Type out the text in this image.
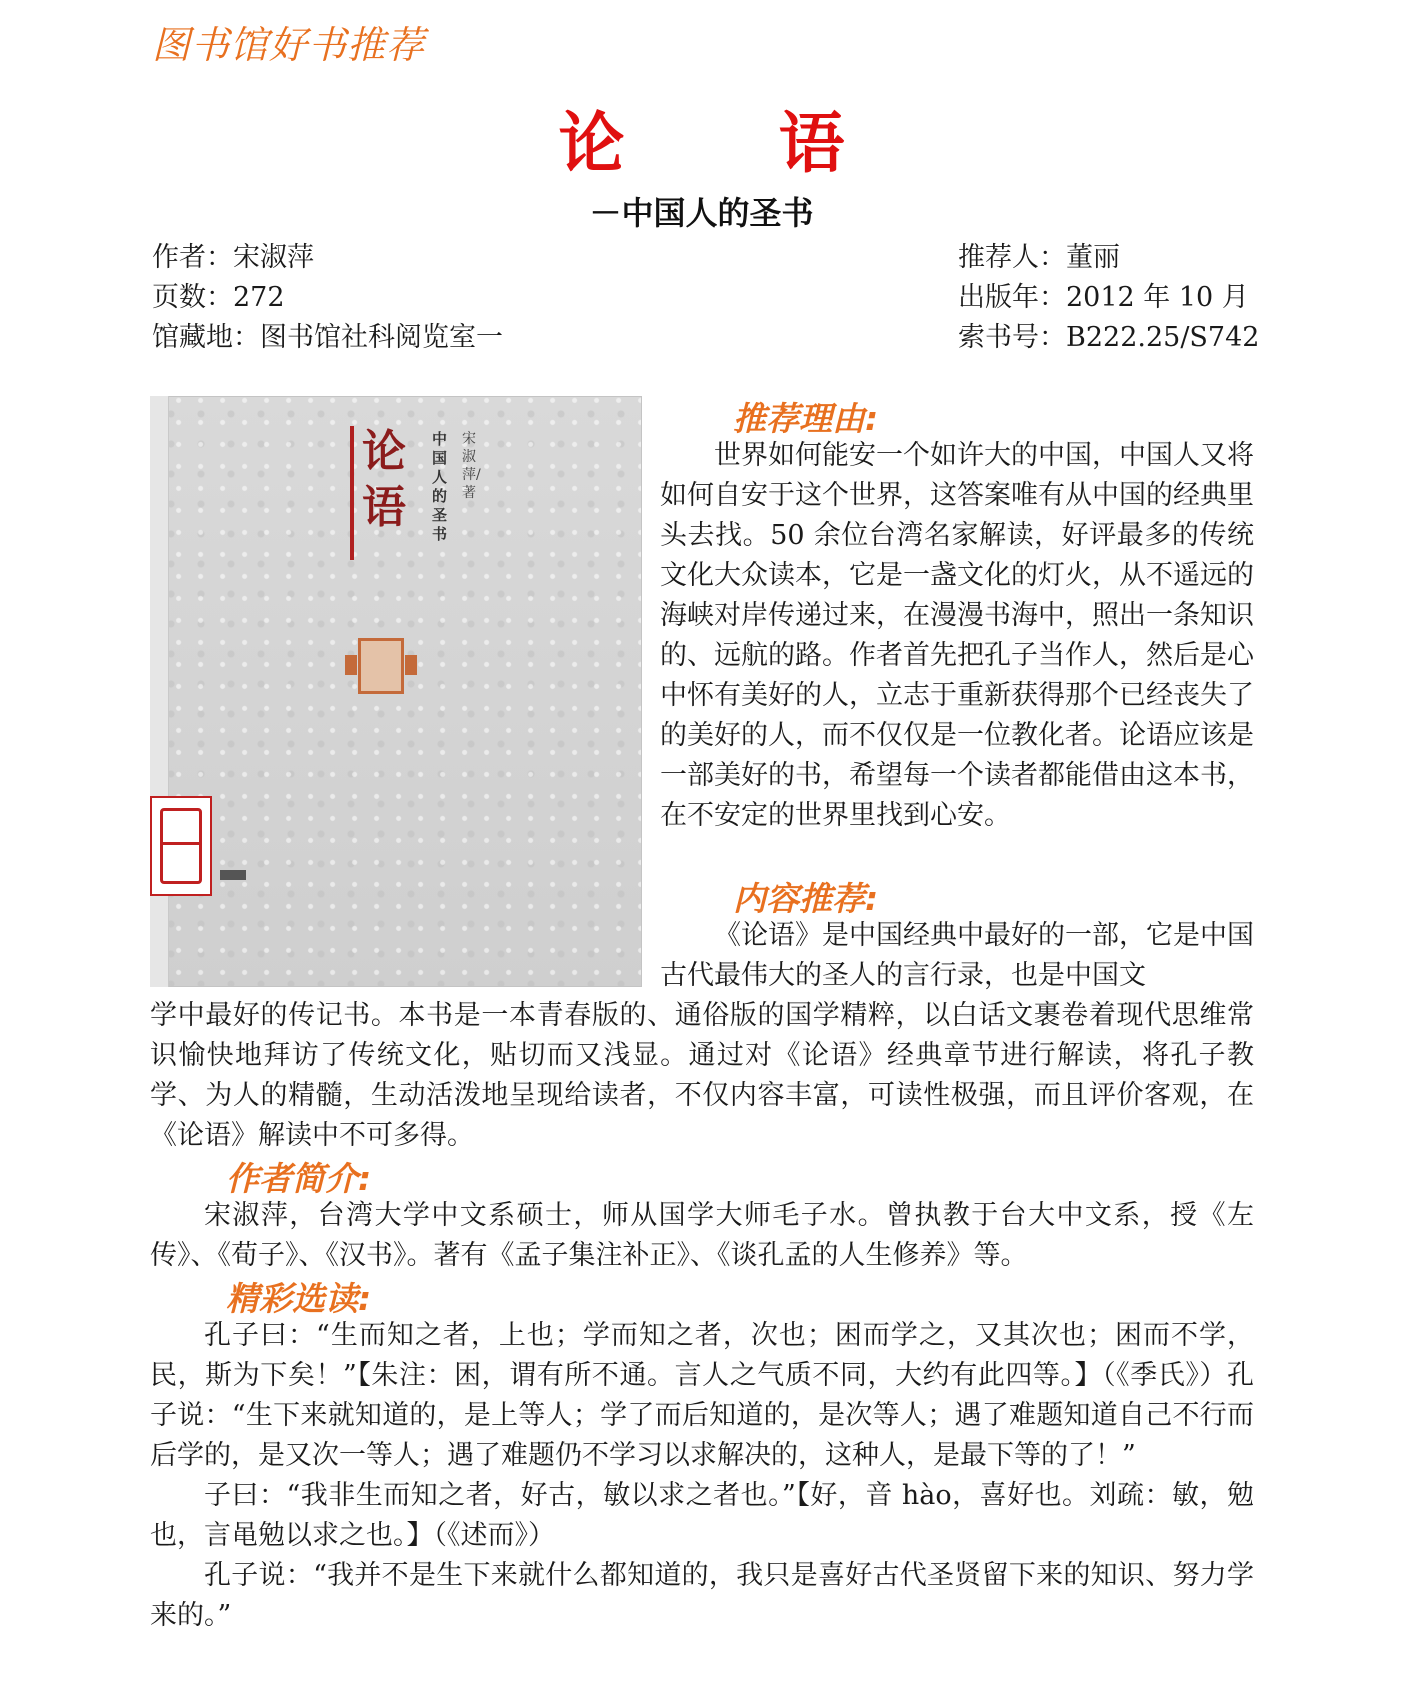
图书馆好书推荐
论　语
－中国人的圣书
作者：宋淑萍
页数：272
馆藏地：图书馆社科阅览室一
推荐人：董丽
出版年：2012 年 10 月
索书号：B222.25/S742
论语
中国人的圣书
宋淑萍/著
推荐理由:

世界如何能安一个如许大的中国，中国人又将如何自安于这个世界，这答案唯有从中国的经典里头去找。50 余位台湾名家解读，好评最多的传统文化大众读本，它是一盏文化的灯火，从不遥远的海峡对岸传递过来，在漫漫书海中，照出一条知识的、远航的路。作者首先把孔子当作人，然后是心中怀有美好的人，立志于重新获得那个已经丧失了的美好的人，而不仅仅是一位教化者。论语应该是一部美好的书，希望每一个读者都能借由这本书，在不安定的世界里找到心安。

内容推荐:

《论语》是中国经典中最好的一部，它是中国古代最伟大的圣人的言行录，也是中国文

学中最好的传记书。本书是一本青春版的、通俗版的国学精粹，以白话文裹卷着现代思维常识愉快地拜访了传统文化，贴切而又浅显。通过对《论语》经典章节进行解读，将孔子教学、为人的精髓，生动活泼地呈现给读者，不仅内容丰富，可读性极强，而且评价客观，在《论语》解读中不可多得。

作者简介:

宋淑萍，台湾大学中文系硕士，师从国学大师毛子水。曾执教于台大中文系，授《左传》、《荀子》、《汉书》。著有《孟子集注补正》、《谈孔孟的人生修养》等。

精彩选读:

孔子曰：“生而知之者，上也；学而知之者，次也；困而学之，又其次也；困而不学，民，斯为下矣！”【朱注：困，谓有所不通。言人之气质不同，大约有此四等。】（《季氏》）孔子说：“生下来就知道的，是上等人；学了而后知道的，是次等人；遇了难题知道自己不行而后学的，是又次一等人；遇了难题仍不学习以求解决的，这种人，是最下等的了！”

子曰：“我非生而知之者，好古，敏以求之者也。”【好，音 hào，喜好也。刘疏：敏，勉也，言黾勉以求之也。】（《述而》）

孔子说：“我并不是生下来就什么都知道的，我只是喜好古代圣贤留下来的知识、努力学来的。”
